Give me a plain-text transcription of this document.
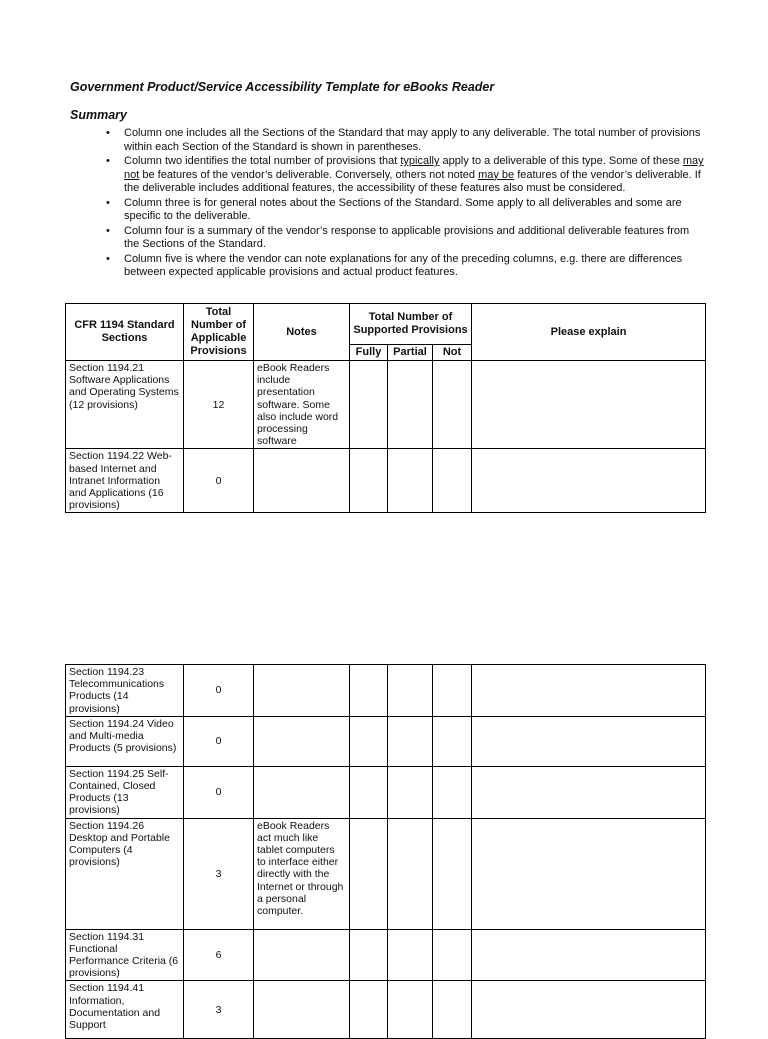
Government Product/Service Accessibility Template for eBooks Reader
Summary
• Column one includes all the Sections of the Standard that may apply to any deliverable. The total number of provisions within each Section of the Standard is shown in parentheses.
• Column two identifies the total number of provisions that typically apply to a deliverable of this type. Some of these may not be features of the vendor’s deliverable. Conversely, others not noted may be features of the vendor’s deliverable. If the deliverable includes additional features, the accessibility of these features also must be considered.
• Column three is for general notes about the Sections of the Standard. Some apply to all deliverables and some are specific to the deliverable.
• Column four is a summary of the vendor’s response to applicable provisions and additional deliverable features from the Sections of the Standard.
• Column five is where the vendor can note explanations for any of the preceding columns, e.g. there are differences between expected applicable provisions and actual product features.
CFR 1194 Standard Sections	Total Number of Applicable Provisions	Notes	Total Number of Supported Provisions			Please explain
			Fully	Partial	Not	
Section 1194.21 Software Applications and Operating Systems (12 provisions)	12	eBook Readers include presentation software. Some also include word processing software				
Section 1194.22 Web-based Internet and Intranet Information and Applications (16 provisions)	0					
Section 1194.23 Telecommunications Products (14 provisions)	0					
Section 1194.24 Video and Multi-media Products (5 provisions)	0					
Section 1194.25 Self-Contained, Closed Products (13 provisions)	0					
Section 1194.26 Desktop and Portable Computers (4 provisions)	3	eBook Readers act much like tablet computers to interface either directly with the Internet or through a personal computer.				
Section 1194.31 Functional Performance Criteria (6 provisions)	6					
Section 1194.41 Information, Documentation and Support	3					
